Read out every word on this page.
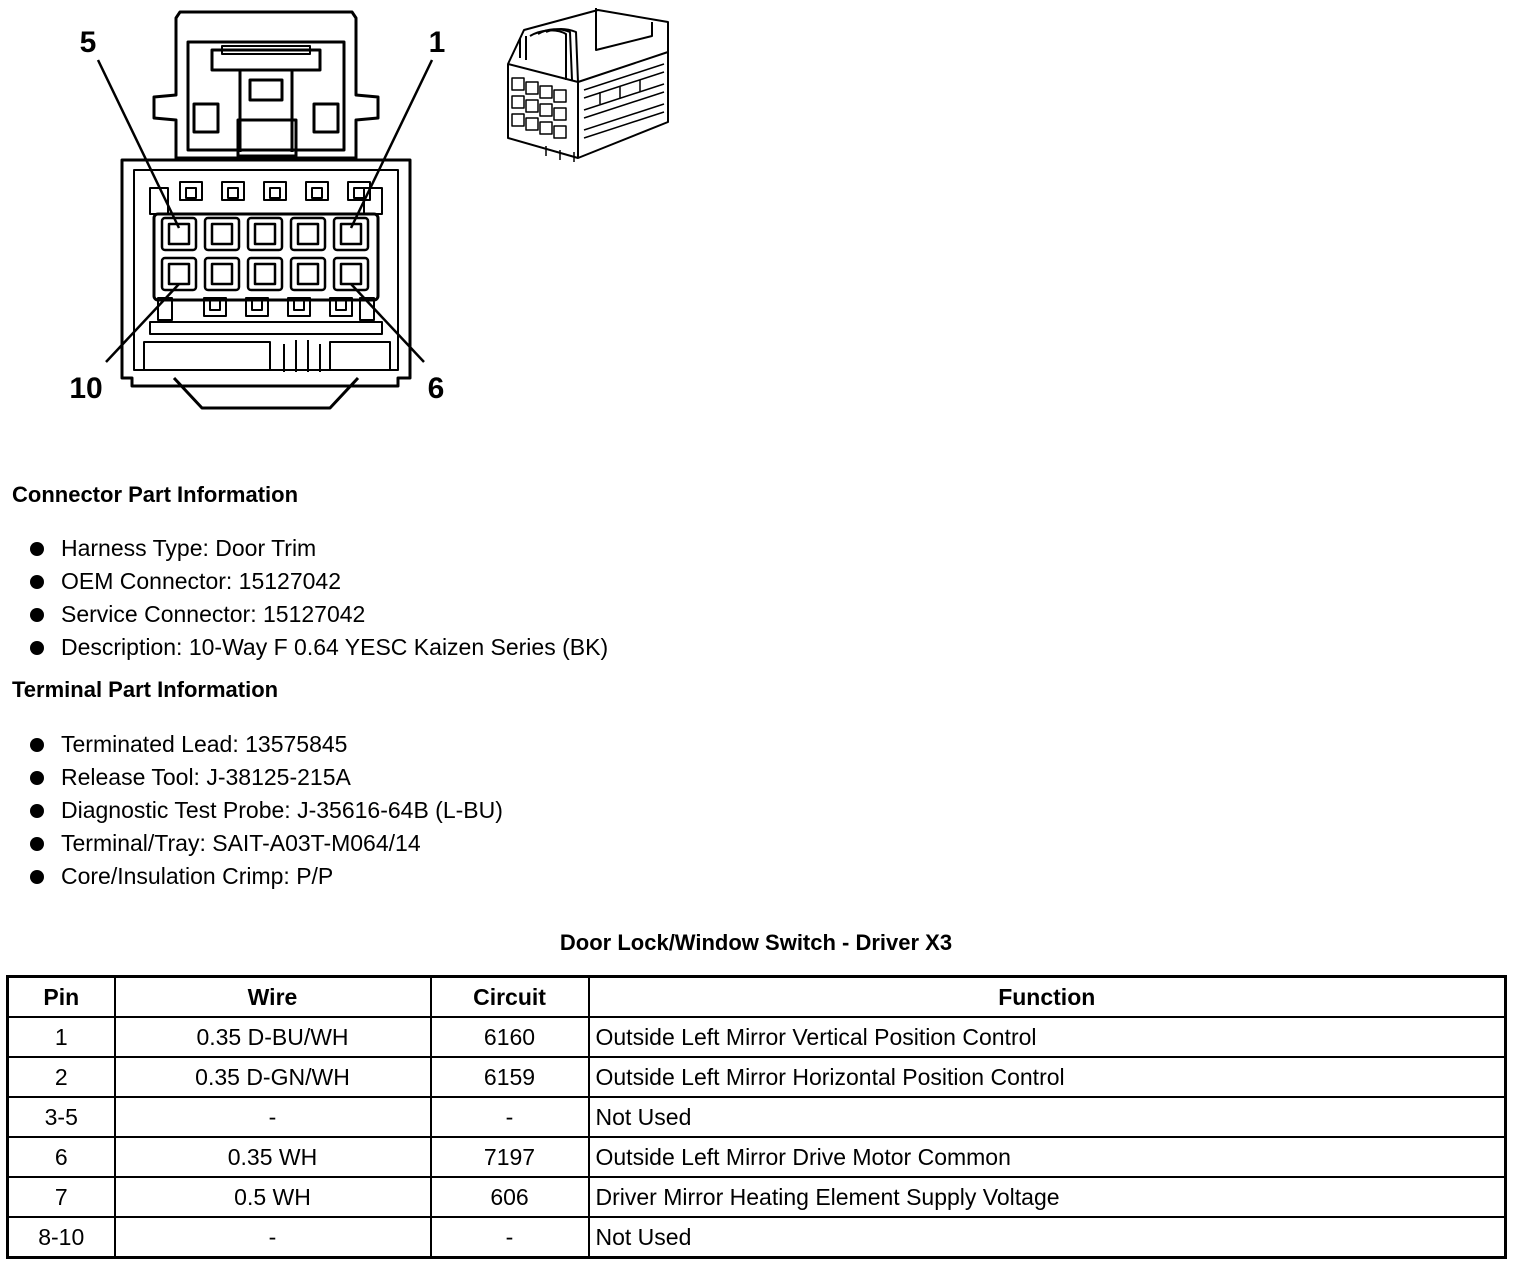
5	1
10	6
Connector Part Information
Harness Type: Door Trim
OEM Connector: 15127042
Service Connector: 15127042
Description: 10-Way F 0.64 YESC Kaizen Series (BK)
Terminal Part Information
Terminated Lead: 13575845
Release Tool: J-38125-215A
Diagnostic Test Probe: J-35616-64B (L-BU)
Terminal/Tray: SAIT-A03T-M064/14
Core/Insulation Crimp: P/P
Door Lock/Window Switch - Driver X3
Pin	Wire	Circuit	Function
1	0.35 D-BU/WH	6160	Outside Left Mirror Vertical Position Control
2	0.35 D-GN/WH	6159	Outside Left Mirror Horizontal Position Control
3-5	-	-	Not Used
6	0.35 WH	7197	Outside Left Mirror Drive Motor Common
7	0.5 WH	606	Driver Mirror Heating Element Supply Voltage
8-10	-	-	Not Used
